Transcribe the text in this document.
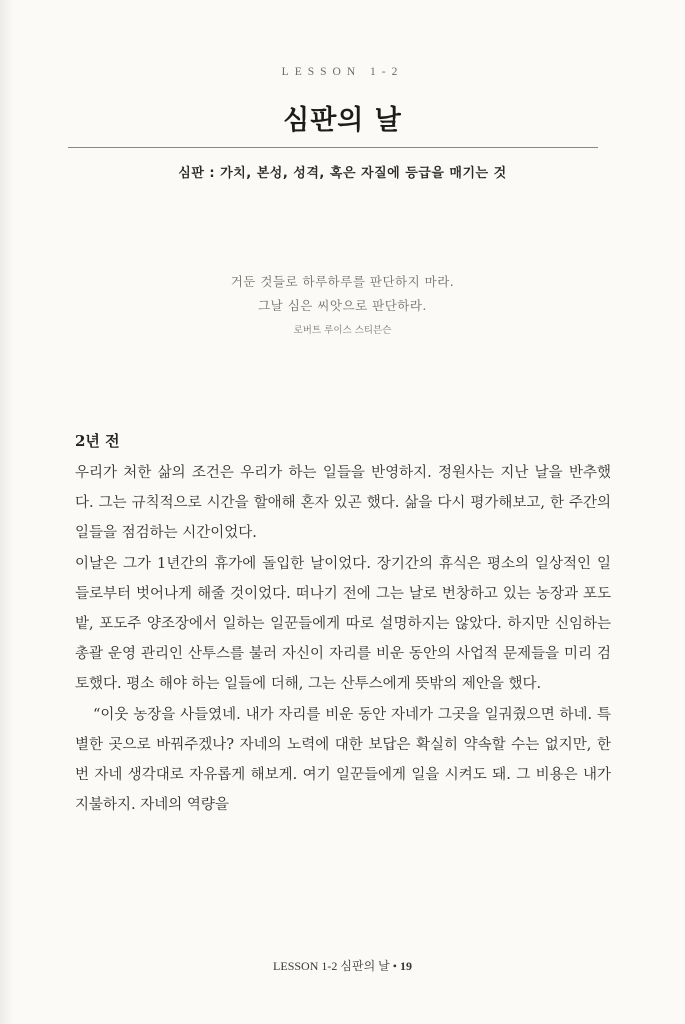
LESSON 1-2
심판의 날
심판 : 가치, 본성, 성격, 혹은 자질에 등급을 매기는 것
거둔 것들로 하루하루를 판단하지 마라.
그날 심은 씨앗으로 판단하라.
로버트 루이스 스티븐슨
2년 전

우리가 처한 삶의 조건은 우리가 하는 일들을 반영하지. 정원사는 지난 날을 반추했다. 그는 규칙적으로 시간을 할애해 혼자 있곤 했다. 삶을 다시 평가해보고, 한 주간의 일들을 점검하는 시간이었다.

이날은 그가 1년간의 휴가에 돌입한 날이었다. 장기간의 휴식은 평소의 일상적인 일들로부터 벗어나게 해줄 것이었다. 떠나기 전에 그는 날로 번창하고 있는 농장과 포도밭, 포도주 양조장에서 일하는 일꾼들에게 따로 설명하지는 않았다. 하지만 신임하는 총괄 운영 관리인 산투스를 불러 자신이 자리를 비운 동안의 사업적 문제들을 미리 검토했다. 평소 해야 하는 일들에 더해, 그는 산투스에게 뜻밖의 제안을 했다.

“이웃 농장을 사들였네. 내가 자리를 비운 동안 자네가 그곳을 일궈줬으면 하네. 특별한 곳으로 바꿔주겠나? 자네의 노력에 대한 보답은 확실히 약속할 수는 없지만, 한번 자네 생각대로 자유롭게 해보게. 여기 일꾼들에게 일을 시켜도 돼. 그 비용은 내가 지불하지. 자네의 역량을

LESSON 1-2 심판의 날 • 19
